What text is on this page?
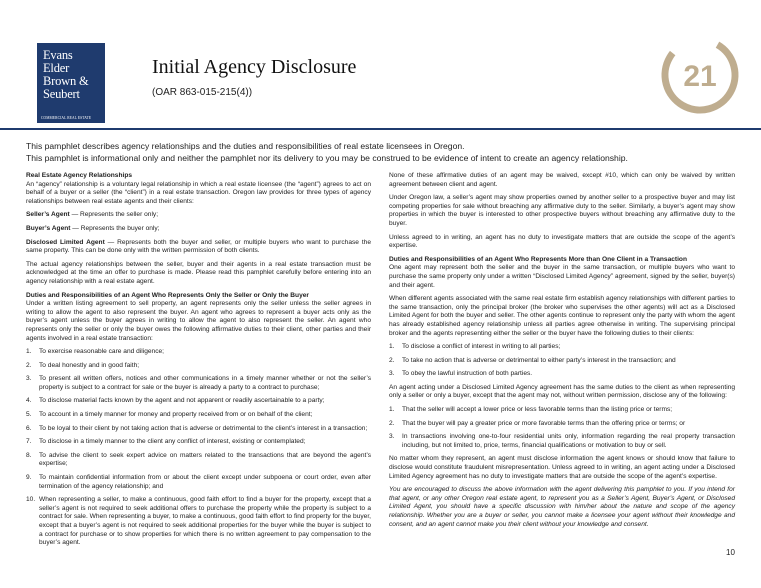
Evans
Elder
Brown &
Seubert
COMMERCIAL REAL ESTATE
Initial Agency Disclosure
(OAR 863-015-215(4))	21
This pamphlet describes agency relationships and the duties and responsibilities of real estate licensees in Oregon.
This pamphlet is informational only and neither the pamphlet nor its delivery to you may be construed to be evidence of intent to create an agency relationship.

Real Estate Agency Relationships
An “agency” relationship is a voluntary legal relationship in which a real estate licensee (the “agent”) agrees to act on behalf of a buyer or a seller (the “client”) in a real estate transaction. Oregon law provides for three types of agency relationships between real estate agents and their clients:

Seller’s Agent — Represents the seller only;

Buyer’s Agent — Represents the buyer only;

Disclosed Limited Agent — Represents both the buyer and seller, or multiple buyers who want to purchase the same property. This can be done only with the written permission of both clients.

The actual agency relationships between the seller, buyer and their agents in a real estate transaction must be acknowledged at the time an offer to purchase is made. Please read this pamphlet carefully before entering into an agency relationship with a real estate agent.

Duties and Responsibilities of an Agent Who Represents Only the Seller or Only the Buyer
Under a written listing agreement to sell property, an agent represents only the seller unless the seller agrees in writing to allow the agent to also represent the buyer. An agent who agrees to represent a buyer acts only as the buyer’s agent unless the buyer agrees in writing to allow the agent to also represent the seller. An agent who represents only the seller or only the buyer owes the following affirmative duties to their client, other parties and their agents involved in a real estate transaction:

1. To exercise reasonable care and diligence;
2. To deal honestly and in good faith;
3. To present all written offers, notices and other communications in a timely manner whether or not the seller’s property is subject to a contract for sale or the buyer is already a party to a contract to purchase;
4. To disclose material facts known by the agent and not apparent or readily ascertainable to a party;
5. To account in a timely manner for money and property received from or on behalf of the client;
6. To be loyal to their client by not taking action that is adverse or detrimental to the client’s interest in a transaction;
7. To disclose in a timely manner to the client any conflict of interest, existing or contemplated;
8. To advise the client to seek expert advice on matters related to the transactions that are beyond the agent’s expertise;
9. To maintain confidential information from or about the client except under subpoena or court order, even after termination of the agency relationship; and
10. When representing a seller, to make a continuous, good faith effort to find a buyer for the property, except that a seller’s agent is not required to seek additional offers to purchase the property while the property is subject to a contract for sale. When representing a buyer, to make a continuous, good faith effort to find property for the buyer, except that a buyer’s agent is not required to seek additional properties for the buyer while the buyer is subject to a contract for purchase or to show properties for which there is no written agreement to pay compensation to the buyer’s agent.

None of these affirmative duties of an agent may be waived, except #10, which can only be waived by written agreement between client and agent.

Under Oregon law, a seller’s agent may show properties owned by another seller to a prospective buyer and may list competing properties for sale without breaching any affirmative duty to the seller. Similarly, a buyer’s agent may show properties in which the buyer is interested to other prospective buyers without breaching any affirmative duty to the buyer.

Unless agreed to in writing, an agent has no duty to investigate matters that are outside the scope of the agent’s expertise.

Duties and Responsibilities of an Agent Who Represents More than One Client in a Transaction
One agent may represent both the seller and the buyer in the same transaction, or multiple buyers who want to purchase the same property only under a written “Disclosed Limited Agency” agreement, signed by the seller, buyer(s) and their agent.

When different agents associated with the same real estate firm establish agency relationships with different parties to the same transaction, only the principal broker (the broker who supervises the other agents) will act as a Disclosed Limited Agent for both the buyer and seller. The other agents continue to represent only the party with whom the agent has already established agency relationship unless all parties agree otherwise in writing. The supervising principal broker and the agents representing either the seller or the buyer have the following duties to their clients:

1. To disclose a conflict of interest in writing to all parties;
2. To take no action that is adverse or detrimental to either party’s interest in the transaction; and
3. To obey the lawful instruction of both parties.

An agent acting under a Disclosed Limited Agency agreement has the same duties to the client as when representing only a seller or only a buyer, except that the agent may not, without written permission, disclose any of the following:

1. That the seller will accept a lower price or less favorable terms than the listing price or terms;
2. That the buyer will pay a greater price or more favorable terms than the offering price or terms; or
3. In transactions involving one-to-four residential units only, information regarding the real property transaction including, but not limited to, price, terms, financial qualifications or motivation to buy or sell.

No matter whom they represent, an agent must disclose information the agent knows or should know that failure to disclose would constitute fraudulent misrepresentation. Unless agreed to in writing, an agent acting under a Disclosed Limited Agency agreement has no duty to investigate matters that are outside the scope of the agent’s expertise.

You are encouraged to discuss the above information with the agent delivering this pamphlet to you. If you intend for that agent, or any other Oregon real estate agent, to represent you as a Seller’s Agent, Buyer’s Agent, or Disclosed Limited Agent, you should have a specific discussion with him/her about the nature and scope of the agency relationship. Whether you are a buyer or seller, you cannot make a licensee your agent without their knowledge and consent, and an agent cannot make you their client without your knowledge and consent.

10
